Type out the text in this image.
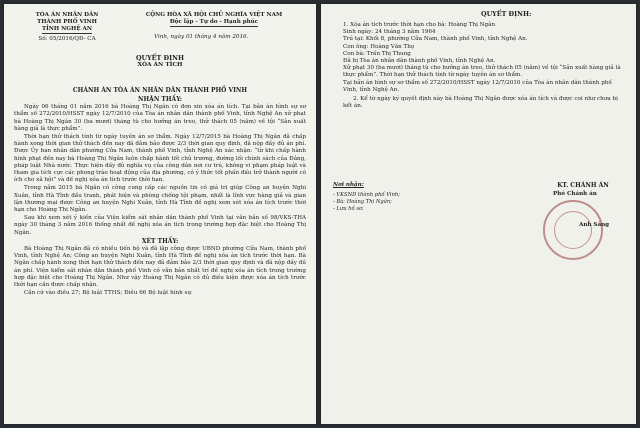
TÒA ÁN NHÂN DÂN
THÀNH PHỐ VINH
TỈNH NGHỆ AN
Số: 05/2016/QĐ- CA
CỘNG HÒA XÃ HỘI CHỦ NGHĨA VIỆT NAM
Độc lập - Tự do - Hạnh phúc
Vinh, ngày 01 tháng 4 năm 2016.
QUYẾT ĐỊNH
XÓA ÁN TÍCH
CHÁNH ÁN TÒA ÁN NHÂN DÂN THÀNH PHỐ VINH

NHẬN THẤY:

Ngày 06 tháng 01 năm 2016 bà Hoàng Thị Ngân có đơn xin xóa án tích. Tại bản án hình sự sơ thẩm số 272/2010/HSST ngày 12/7/2010 của Tòa án nhân dân thành phố Vinh, tỉnh Nghệ An xử phạt bà Hoàng Thị Ngân 30 (ba mươi) tháng tù cho hưởng án treo, thử thách 05 (năm) về tội “Sản xuất hàng giả là thực phẩm”.

Thời hạn thử thách tính từ ngày tuyên án sơ thẩm. Ngày 12/7/2015 bà Hoàng Thị Ngân đã chấp hành xong thời gian thử thách đến nay đã đảm bảo được 2/3 thời gian quy định, đã nộp đầy đủ án phí. Được Ủy ban nhân dân phường Cửa Nam, thành phố Vinh, tỉnh Nghệ An xác nhận: “từ khi chấp hành hình phạt đến nay bà Hoàng Thị Ngân luôn chấp hành tốt chủ trương, đường lối chính sách của Đảng, pháp luật Nhà nước. Thực hiện đầy đủ nghĩa vụ của công dân nơi cư trú, không vi phạm pháp luật và tham gia tích cực các phong trào hoạt động của địa phương, có ý thức tốt phấn đấu trở thành người có ích cho xã hội” và đề nghị xóa án tích trước thời hạn.

Trong năm 2015 bà Ngân có công cung cấp các nguồn tin có giá trị giúp Công an huyện Nghi Xuân, tỉnh Hà Tĩnh đấu tranh, phát hiện và phòng chống tội phạm, nhất là lĩnh vực hàng giả và gian lận thương mại được Công an huyện Nghi Xuân, tỉnh Hà Tĩnh đề nghị xem xét xóa án tích trước thời hạn cho Hoàng Thị Ngân.

Sau khi xem xét ý kiến của Viện kiểm sát nhân dân thành phố Vinh tại văn bản số 98/VKS-THA ngày 30 tháng 3 năm 2016 thống nhất đề nghị xóa án tích trong trường hợp đặc biệt cho Hoàng Thị Ngân.

XÉT THẤY:

Bà Hoàng Thị Ngân đã có nhiều tiến bộ và đã lập công được UBND phường Cửa Nam, thành phố Vinh, tỉnh Nghệ An; Công an huyện Nghi Xuân, tỉnh Hà Tĩnh đề nghị xóa án tích trước thời hạn. Bà Ngân chấp hành xong thời hạn thử thách đến nay đã đảm bảo 2/3 thời gian quy định và đã nộp đầy đủ án phí. Viện kiểm sát nhân dân thành phố Vinh có văn bản nhất trí đề nghị xóa án tích trong trường hợp đặc biệt cho Hoàng Thị Ngân. Như vậy Hoàng Thị Ngân có đủ điều kiện được xóa án tích trước thời hạn cần được chấp nhận.

Căn cứ vào điều 27; Bộ luật TTHS; Điều 66 Bộ luật hình sự.

QUYẾT ĐỊNH:

1. Xóa án tích trước thời hạn cho bà: Hoàng Thị Ngân

Sinh ngày: 24 tháng 3 năm 1964

Trú tại: Khối 8, phường Cửa Nam, thành phố Vinh, tỉnh Nghệ An.

Con ông: Hoàng Văn Thọ

Con bà: Trần Thị Thung

Đã bị Tòa án nhân dân thành phố Vinh, tỉnh Nghệ An.

Xử phạt 30 (ba mươi) tháng tù cho hưởng án treo, thử thách 05 (năm) về tội “Sản xuất hàng giả là thực phẩm”. Thời hạn thử thách tính từ ngày tuyên án sơ thẩm.

Tại bản án hình sự sơ thẩm số 272/2010/HSST ngày 12/7/2010 của Tòa án nhân dân thành phố Vinh, tỉnh Nghệ An.

2. Kể từ ngày ký quyết định này bà Hoàng Thị Ngân được xóa án tích và được coi như chưa bị kết án.

Nơi nhận:
- VKSND thành phố Vinh;
- Bà: Hoàng Thị Ngân;
- Lưu hồ sơ.
KT. CHÁNH ÁN
Phó Chánh án
Anh Sáng
